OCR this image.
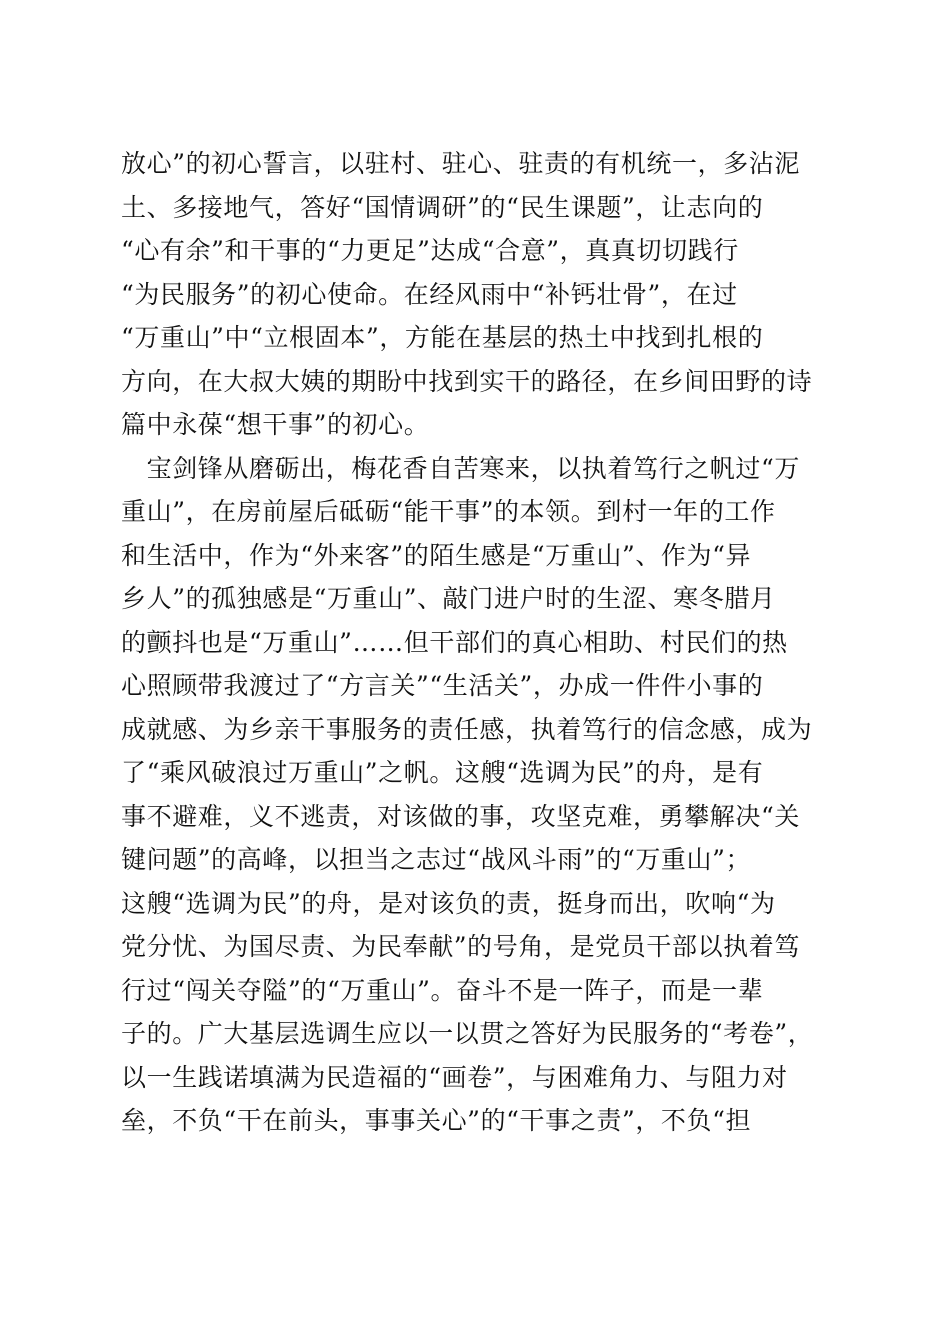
放心”的初心誓言，以驻村、驻心、驻责的有机统一，多沾泥
土、多接地气，答好“国情调研”的“民生课题”，让志向的
“心有余”和干事的“力更足”达成“合意”，真真切切践行
“为民服务”的初心使命。在经风雨中“补钙壮骨”，在过
“万重山”中“立根固本”，方能在基层的热土中找到扎根的
方向，在大叔大姨的期盼中找到实干的路径，在乡间田野的诗
篇中永葆“想干事”的初心。
　宝剑锋从磨砺出，梅花香自苦寒来，以执着笃行之帆过“万
重山”，在房前屋后砥砺“能干事”的本领。到村一年的工作
和生活中，作为“外来客”的陌生感是“万重山”、作为“异
乡人”的孤独感是“万重山”、敲门进户时的生涩、寒冬腊月
的颤抖也是“万重山”……但干部们的真心相助、村民们的热
心照顾带我渡过了“方言关”“生活关”，办成一件件小事的
成就感、为乡亲干事服务的责任感，执着笃行的信念感，成为
了“乘风破浪过万重山”之帆。这艘“选调为民”的舟，是有
事不避难，义不逃责，对该做的事，攻坚克难，勇攀解决“关
键问题”的高峰，以担当之志过“战风斗雨”的“万重山”；
这艘“选调为民”的舟，是对该负的责，挺身而出，吹响“为
党分忧、为国尽责、为民奉献”的号角，是党员干部以执着笃
行过“闯关夺隘”的“万重山”。奋斗不是一阵子，而是一辈
子的。广大基层选调生应以一以贯之答好为民服务的“考卷”，
以一生践诺填满为民造福的“画卷”，与困难角力、与阻力对
垒，不负“干在前头，事事关心”的“干事之责”，不负“担
